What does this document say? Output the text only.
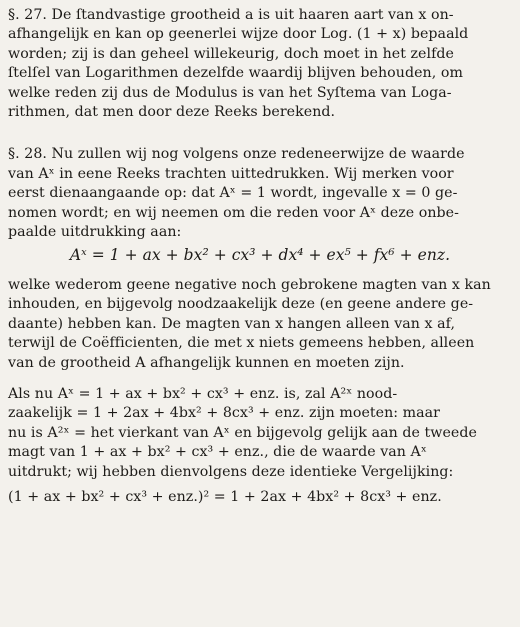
§. 27. De ſtandvastige grootheid a is uit haaren aart van x on-
afhangelijk en kan op geenerlei wijze door Log. (1 + x) bepaald
worden; zij is dan geheel willekeurig, doch moet in het zelfde
ſtelſel van Logarithmen dezelfde waardij blijven behouden, om
welke reden zij dus de Modulus is van het Syſtema van Loga-
rithmen, dat men door deze Reeks berekend.

§. 28. Nu zullen wij nog volgens onze redeneerwijze de waarde
van Aˣ in eene Reeks trachten uittedrukken. Wij merken voor
eerst dienaangaande op: dat Aˣ = 1 wordt, ingevalle x = 0 ge-
nomen wordt; en wij neemen om die reden voor Aˣ deze onbe-
paalde uitdrukking aan:

Aˣ = 1 + ax + bx² + cx³ + dx⁴ + ex⁵ + fx⁶ + enz.

welke wederom geene negative noch gebrokene magten van x kan
inhouden, en bijgevolg noodzaakelijk deze (en geene andere ge-
daante) hebben kan. De magten van x hangen alleen van x af,
terwijl de Coëfficienten, die met x niets gemeens hebben, alleen
van de grootheid A afhangelijk kunnen en moeten zijn.

Als nu Aˣ = 1 + ax + bx² + cx³ + enz. is, zal A²ˣ nood-
zaakelijk = 1 + 2ax + 4bx² + 8cx³ + enz. zijn moeten: maar
nu is A²ˣ = het vierkant van Aˣ en bijgevolg gelijk aan de tweede
magt van 1 + ax + bx² + cx³ + enz., die de waarde van Aˣ
uitdrukt; wij hebben dienvolgens deze identieke Vergelijking:
(1 + ax + bx² + cx³ + enz.)² = 1 + 2ax + 4bx² + 8cx³ + enz.
